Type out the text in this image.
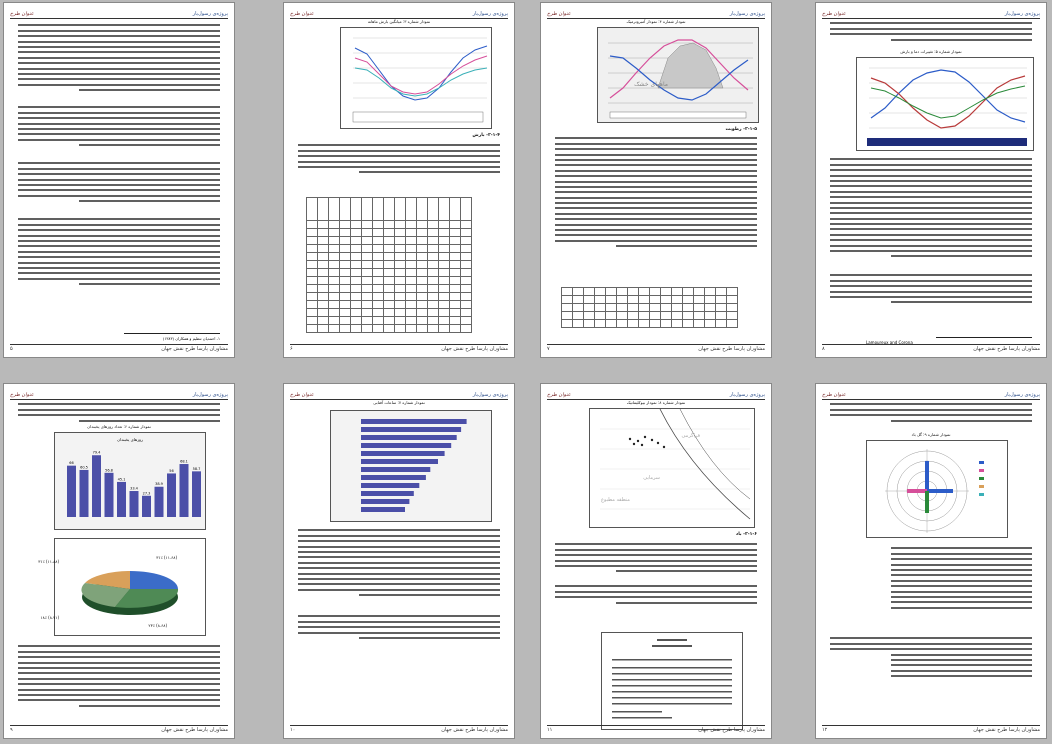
پروژه‌ی رسول‌یار
عنوان طرح
نمودار شماره ۵: تغییرات دما و بارش
Lamoureux and Corona
مشاوران پارسا طرح نقش جهان
۸
پروژه‌ی رسول‌یار
عنوان طرح
نمودار شماره ۴: نمودار آمبروترمیک
ماههای خشک
۲-۱-۵- رطوبت

مشاوران پارسا طرح نقش جهان
۷
پروژه‌ی رسول‌یار
عنوان طرح
نمودار شماره ۳: میانگین بارش ماهانه
۲-۱-۴- بارش

مشاوران پارسا طرح نقش جهان
۶
پروژه‌ی رسول‌یار
عنوان طرح
۱- احمدیان تنظیم و همکاران (۱۳۸۳)
مشاوران پارسا طرح نقش جهان
۵
پروژه‌ی رسول‌یار
عنوان طرح
نمودار شماره ۶: تعداد روزهای یخبندان
روزهای یخبندان
66
60.5
79.4
56.8
45.1
33.4
27.3
38.9
56
68.1
58.7
(۱۱.۶۸) ۳۱٪
(۱۱.۸۸) ۳۱٪
(۸.۷۱) ۱۸٪
(۸.۶۸) ۲۳٪
مشاوران پارسا طرح نقش جهان
۹
پروژه‌ی رسول‌یار
عنوان طرح
نمودار شماره ۷: ساعات آفتابی
مشاوران پارسا طرح نقش جهان
۱۰
پروژه‌ی رسول‌یار
عنوان طرح
نمودار شماره ۸: نمودار بیوکلیماتیک
فراگرمی
سرمایی
منطقه مطبوع
۲-۱-۶- باد
مشاوران پارسا طرح نقش جهان
۱۱
پروژه‌ی رسول‌یار
عنوان طرح
نمودار شماره ۹: گل باد
مشاوران پارسا طرح نقش جهان
۱۲
